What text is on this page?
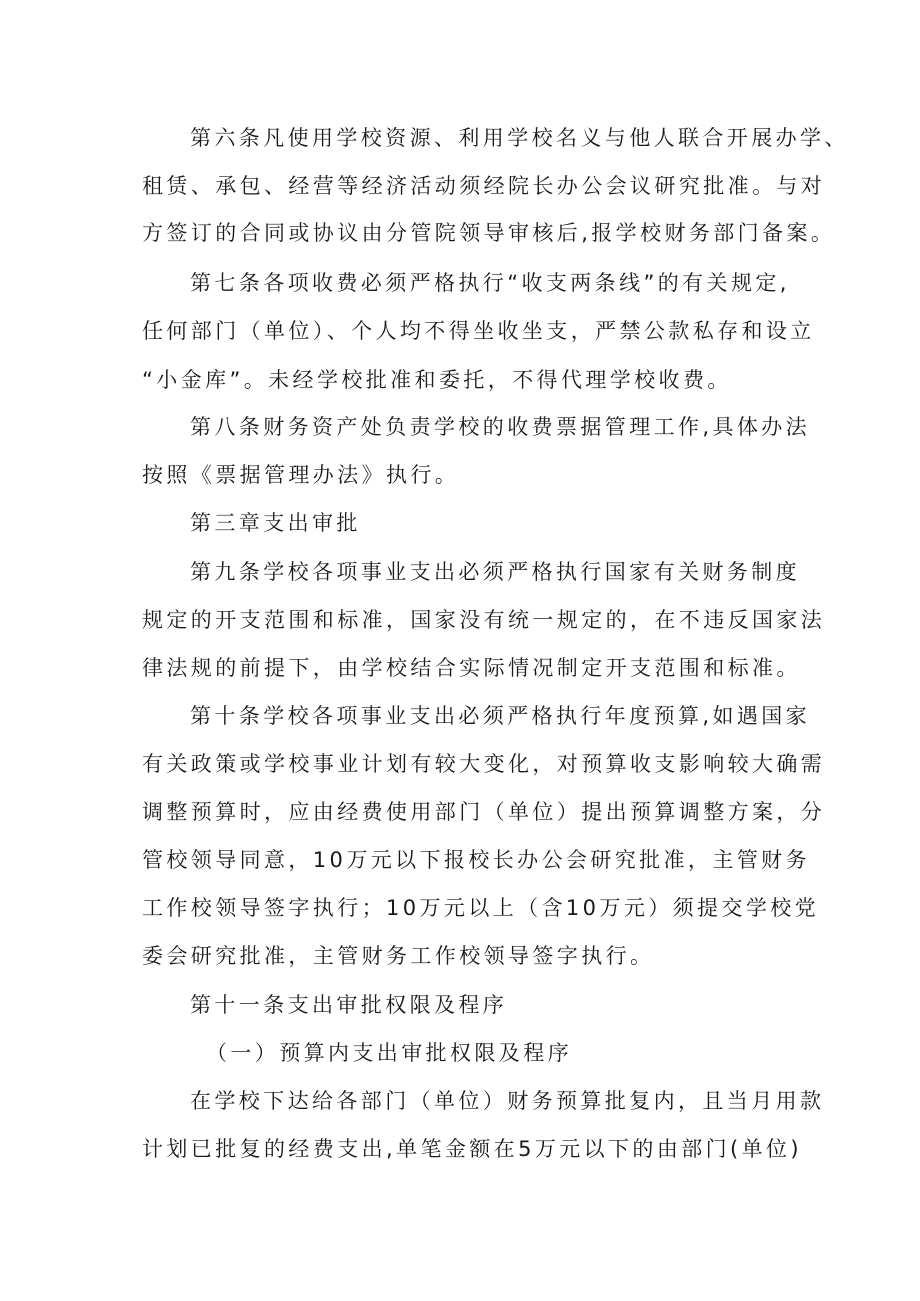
第六条凡使用学校资源、利用学校名义与他人联合开展办学、
租赁、承包、经营等经济活动须经院长办公会议研究批准。与对
方签订的合同或协议由分管院领导审核后,报学校财务部门备案。
第七条各项收费必须严格执行“收支两条线”的有关规定,
任何部门（单位）、个人均不得坐收坐支，严禁公款私存和设立
“小金库”。未经学校批准和委托，不得代理学校收费。
第八条财务资产处负责学校的收费票据管理工作,具体办法
按照《票据管理办法》执行。
第三章支出审批
第九条学校各项事业支出必须严格执行国家有关财务制度
规定的开支范围和标准，国家没有统一规定的，在不违反国家法
律法规的前提下，由学校结合实际情况制定开支范围和标准。
第十条学校各项事业支出必须严格执行年度预算,如遇国家
有关政策或学校事业计划有较大变化，对预算收支影响较大确需
调整预算时，应由经费使用部门（单位）提出预算调整方案，分
管校领导同意，10万元以下报校长办公会研究批准，主管财务
工作校领导签字执行；10万元以上（含10万元）须提交学校党
委会研究批准，主管财务工作校领导签字执行。
第十一条支出审批权限及程序
（一）预算内支出审批权限及程序
在学校下达给各部门（单位）财务预算批复内，且当月用款
计划已批复的经费支出,单笔金额在5万元以下的由部门(单位)
